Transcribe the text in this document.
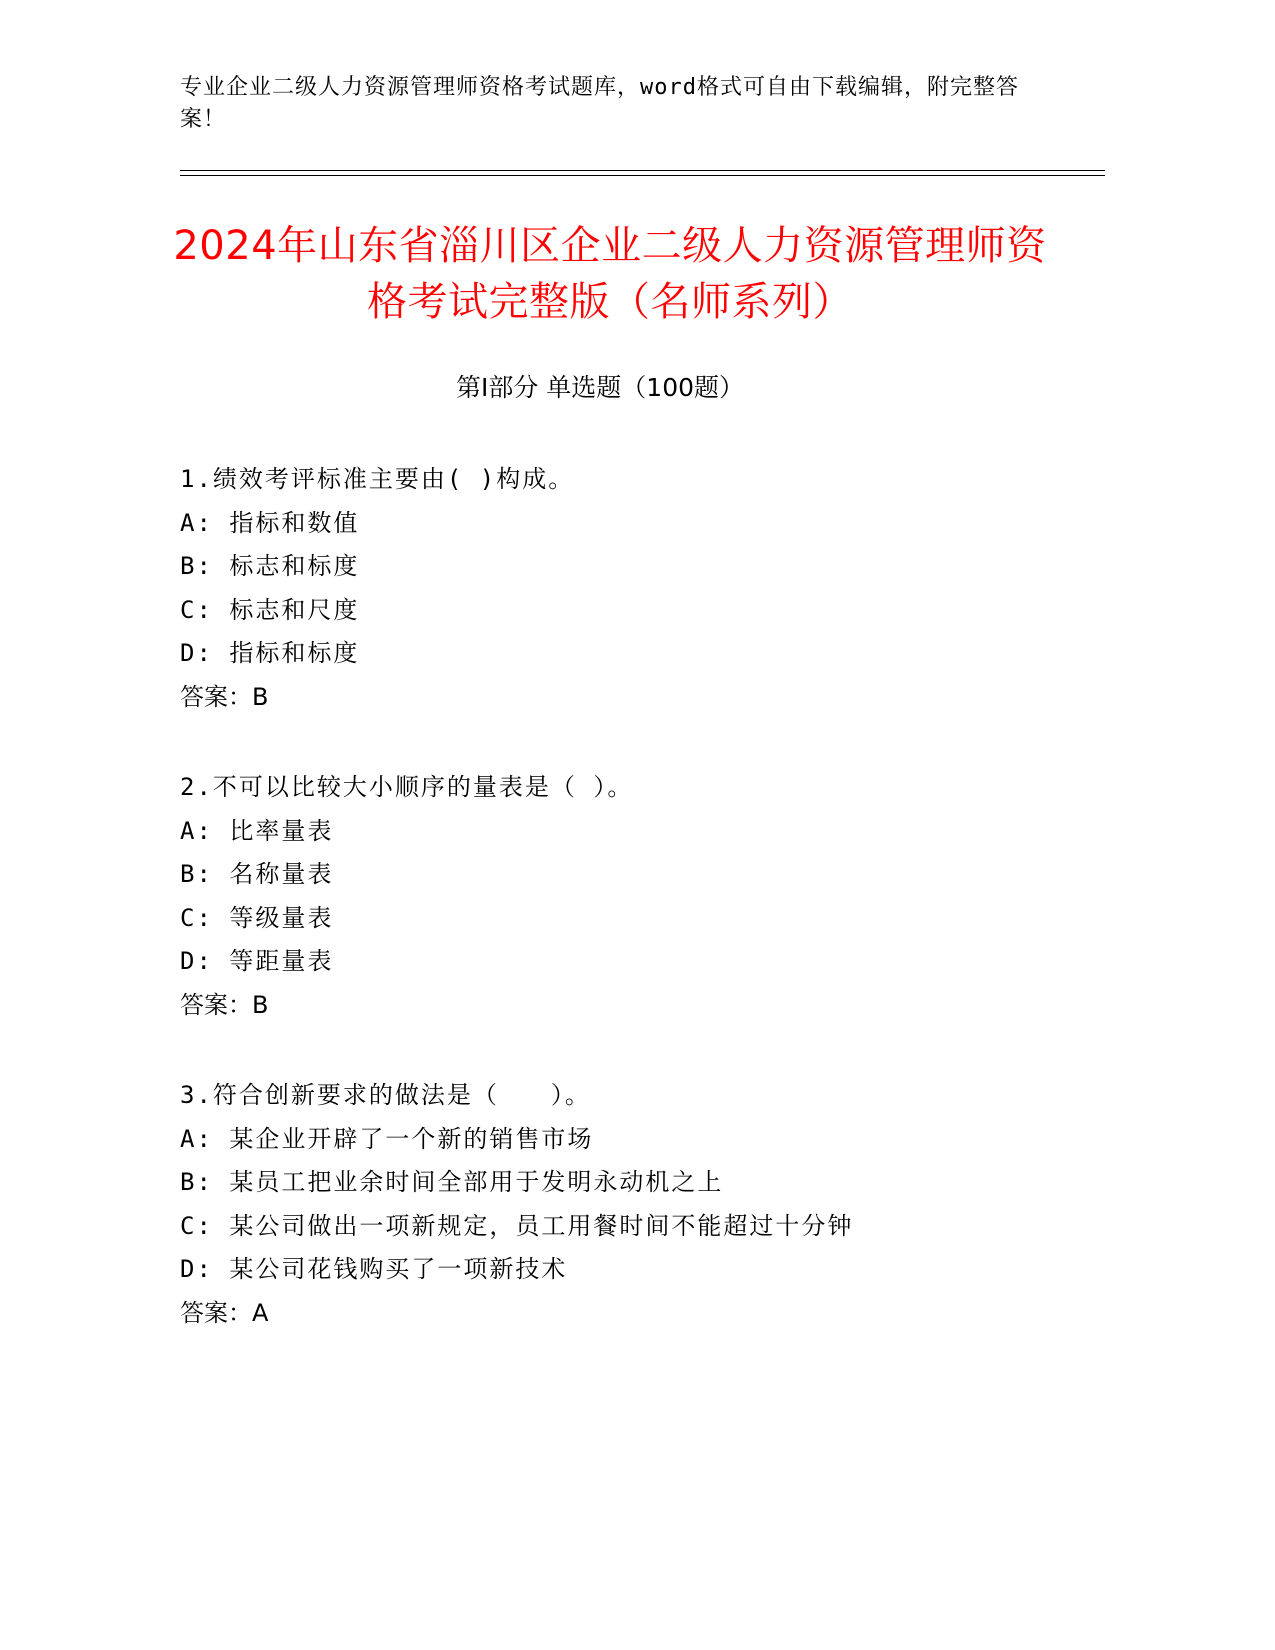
专业企业二级人力资源管理师资格考试题库，word格式可自由下载编辑，附完整答案！
2024年山东省淄川区企业二级人力资源管理师资格考试完整版（名师系列）
第I部分 单选题（100题）
1.绩效考评标准主要由( )构成。
A: 指标和数值
B: 标志和标度
C: 标志和尺度
D: 指标和标度
答案：B
2.不可以比较大小顺序的量表是（ ）。
A: 比率量表
B: 名称量表
C: 等级量表
D: 等距量表
答案：B
3.符合创新要求的做法是（　　）。
A: 某企业开辟了一个新的销售市场
B: 某员工把业余时间全部用于发明永动机之上
C: 某公司做出一项新规定，员工用餐时间不能超过十分钟
D: 某公司花钱购买了一项新技术
答案：A
